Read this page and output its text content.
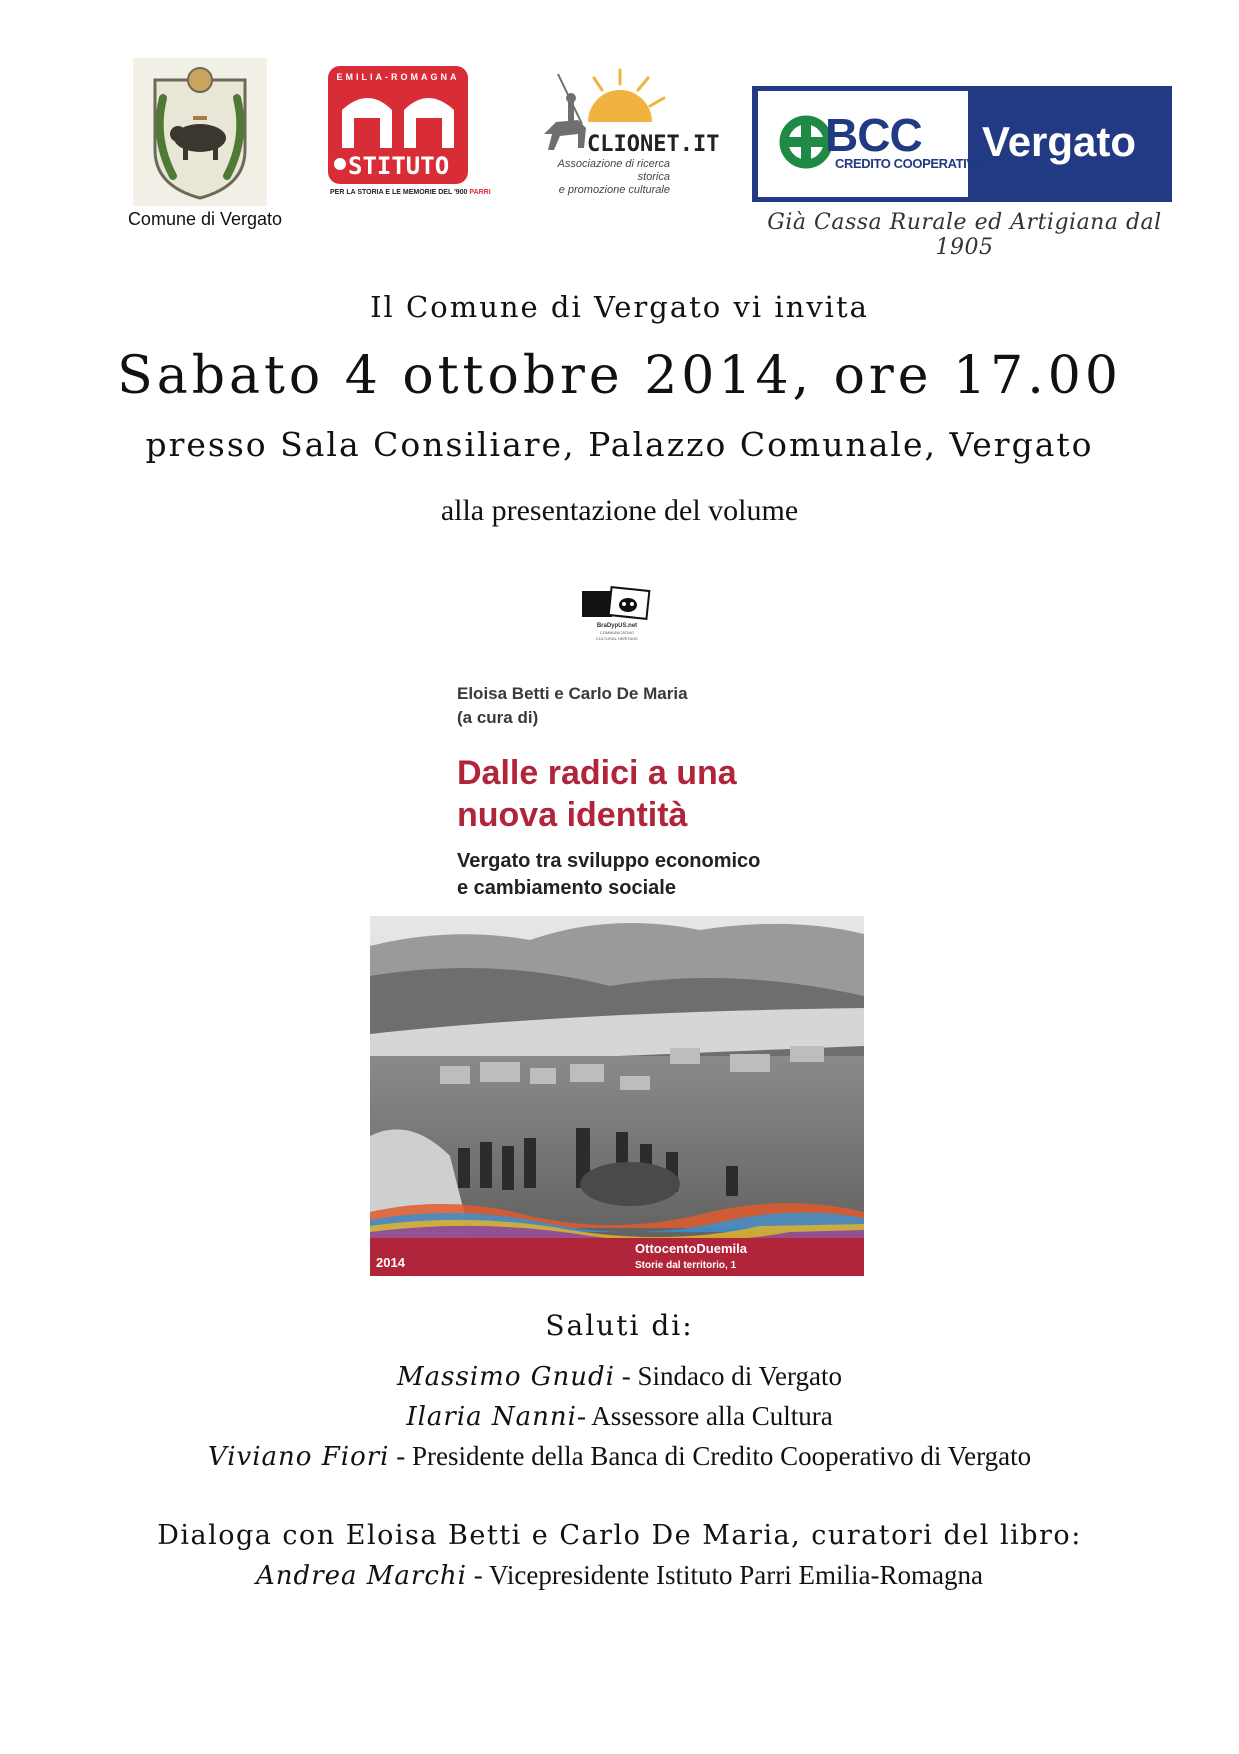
Comune di Vergato
EMILIA-ROMAGNA
STITUTO
PER LA STORIA E LE MEMORIE DEL '900 PARRI
CLIONET.IT
Associazione di ricerca storica
e promozione culturale
BCC
CREDITO COOPERATIVO
Vergato
Già Cassa Rurale ed Artigiana dal 1905
Il Comune di Vergato vi invita
Sabato 4 ottobre 2014, ore 17.00
presso Sala Consiliare, Palazzo Comunale, Vergato
alla presentazione del volume
BraDypUS.net
COMMUNICATING
CULTURAL HERITAGE
Eloisa Betti e Carlo De Maria
(a cura di)
Dalle radici a una
nuova identità
Vergato tra sviluppo economico
e cambiamento sociale
2014
OttocentoDuemila
Storie dal territorio, 1
Saluti di:
Massimo Gnudi - Sindaco di Vergato
Ilaria Nanni- Assessore alla Cultura
Viviano Fiori - Presidente della Banca di Credito Cooperativo di Vergato
Dialoga con Eloisa Betti e Carlo De Maria, curatori del libro:
Andrea Marchi - Vicepresidente Istituto Parri Emilia-Romagna
